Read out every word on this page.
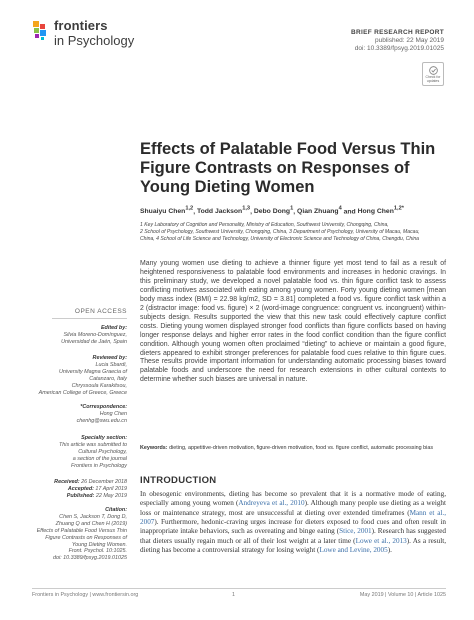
frontiers
in Psychology
BRIEF RESEARCH REPORT
published: 22 May 2019
doi: 10.3389/fpsyg.2019.01025
Check for
updates
Effects of Palatable Food Versus Thin Figure Contrasts on Responses of Young Dieting Women
Shuaiyu Chen$^{1,2}$, Todd Jackson$^{1,3}$, Debo Dong$^1$, Qian Zhuang$^4$ and Hong Chen$^{1,2*}$
1 Key Laboratory of Cognition and Personality, Ministry of Education, Southwest University, Chongqing, China,
2 School of Psychology, Southwest University, Chongqing, China, 3 Department of Psychology, University of Macau, Macau,
China, 4 School of Life Science and Technology, University of Electronic Science and Technology of China, Chengdu, China
Many young women use dieting to achieve a thinner figure yet most tend to fail as a result of heightened responsiveness to palatable food environments and increases in hedonic cravings. In this preliminary study, we developed a novel palatable food vs. thin figure conflict task to assess conflicting motives associated with eating among young women. Forty young dieting women [mean body mass index (BMI) = 22.98 kg/m2, SD = 3.81] completed a food vs. figure conflict task within a 2 (distractor image: food vs. figure) × 2 (word-image congruence: congruent vs. incongruent) within-subjects design. Results supported the view that this new task could effectively capture conflict costs. Dieting young women displayed stronger food conflicts than figure conflicts based on having longer response delays and higher error rates in the food conflict condition than the figure conflict condition. Although young women often proclaimed “dieting” to achieve or maintain a good figure, dieters appeared to exhibit stronger preferences for palatable food cues relative to thin figure cues. These results provide important information for understanding automatic processing biases toward palatable foods and underscore the need for research extensions in other cultural contexts to determine whether such biases are universal in nature.
Keywords: dieting, appetitive-driven motivation, figure-driven motivation, food vs. figure conflict, automatic processing bias
OPEN ACCESS
Edited by:
Silvia Moreno-Domínguez,
Universidad de Jaén, Spain
Reviewed by:
Lucia Sbardi,
University Magna Graecia of
Catanzaro, Italy
Chryssoula Karakitsou,
American College of Greece, Greece
*Correspondence:
Hong Chen
chenhg@swu.edu.cn
Specialty section:
This article was submitted to
Cultural Psychology,
a section of the journal
Frontiers in Psychology
Received: 26 December 2018
Accepted: 17 April 2019
Published: 22 May 2019
Citation:
Chen S, Jackson T, Dong D,
Zhuang Q and Chen H (2019)
Effects of Palatable Food Versus Thin
Figure Contrasts on Responses of
Young Dieting Women.
Front. Psychol. 10:1025.
doi: 10.3389/fpsyg.2019.01025
INTRODUCTION
In obesogenic environments, dieting has become so prevalent that it is a normative mode of eating, especially among young women (Andreyeva et al., 2010). Although many people use dieting as a weight loss or maintenance strategy, most are unsuccessful at dieting over extended timeframes (Mann et al., 2007). Furthermore, hedonic-craving urges increase for dieters exposed to food cues and often result in inappropriate intake behaviors, such as overeating and binge eating (Stice, 2001). Research has suggested that dieters usually regain much or all of their lost weight at a later time (Lowe et al., 2013). As a result, dieting has become a controversial strategy for losing weight (Lowe and Levine, 2005).
Frontiers in Psychology | www.frontiersin.org	1	May 2019 | Volume 10 | Article 1025
